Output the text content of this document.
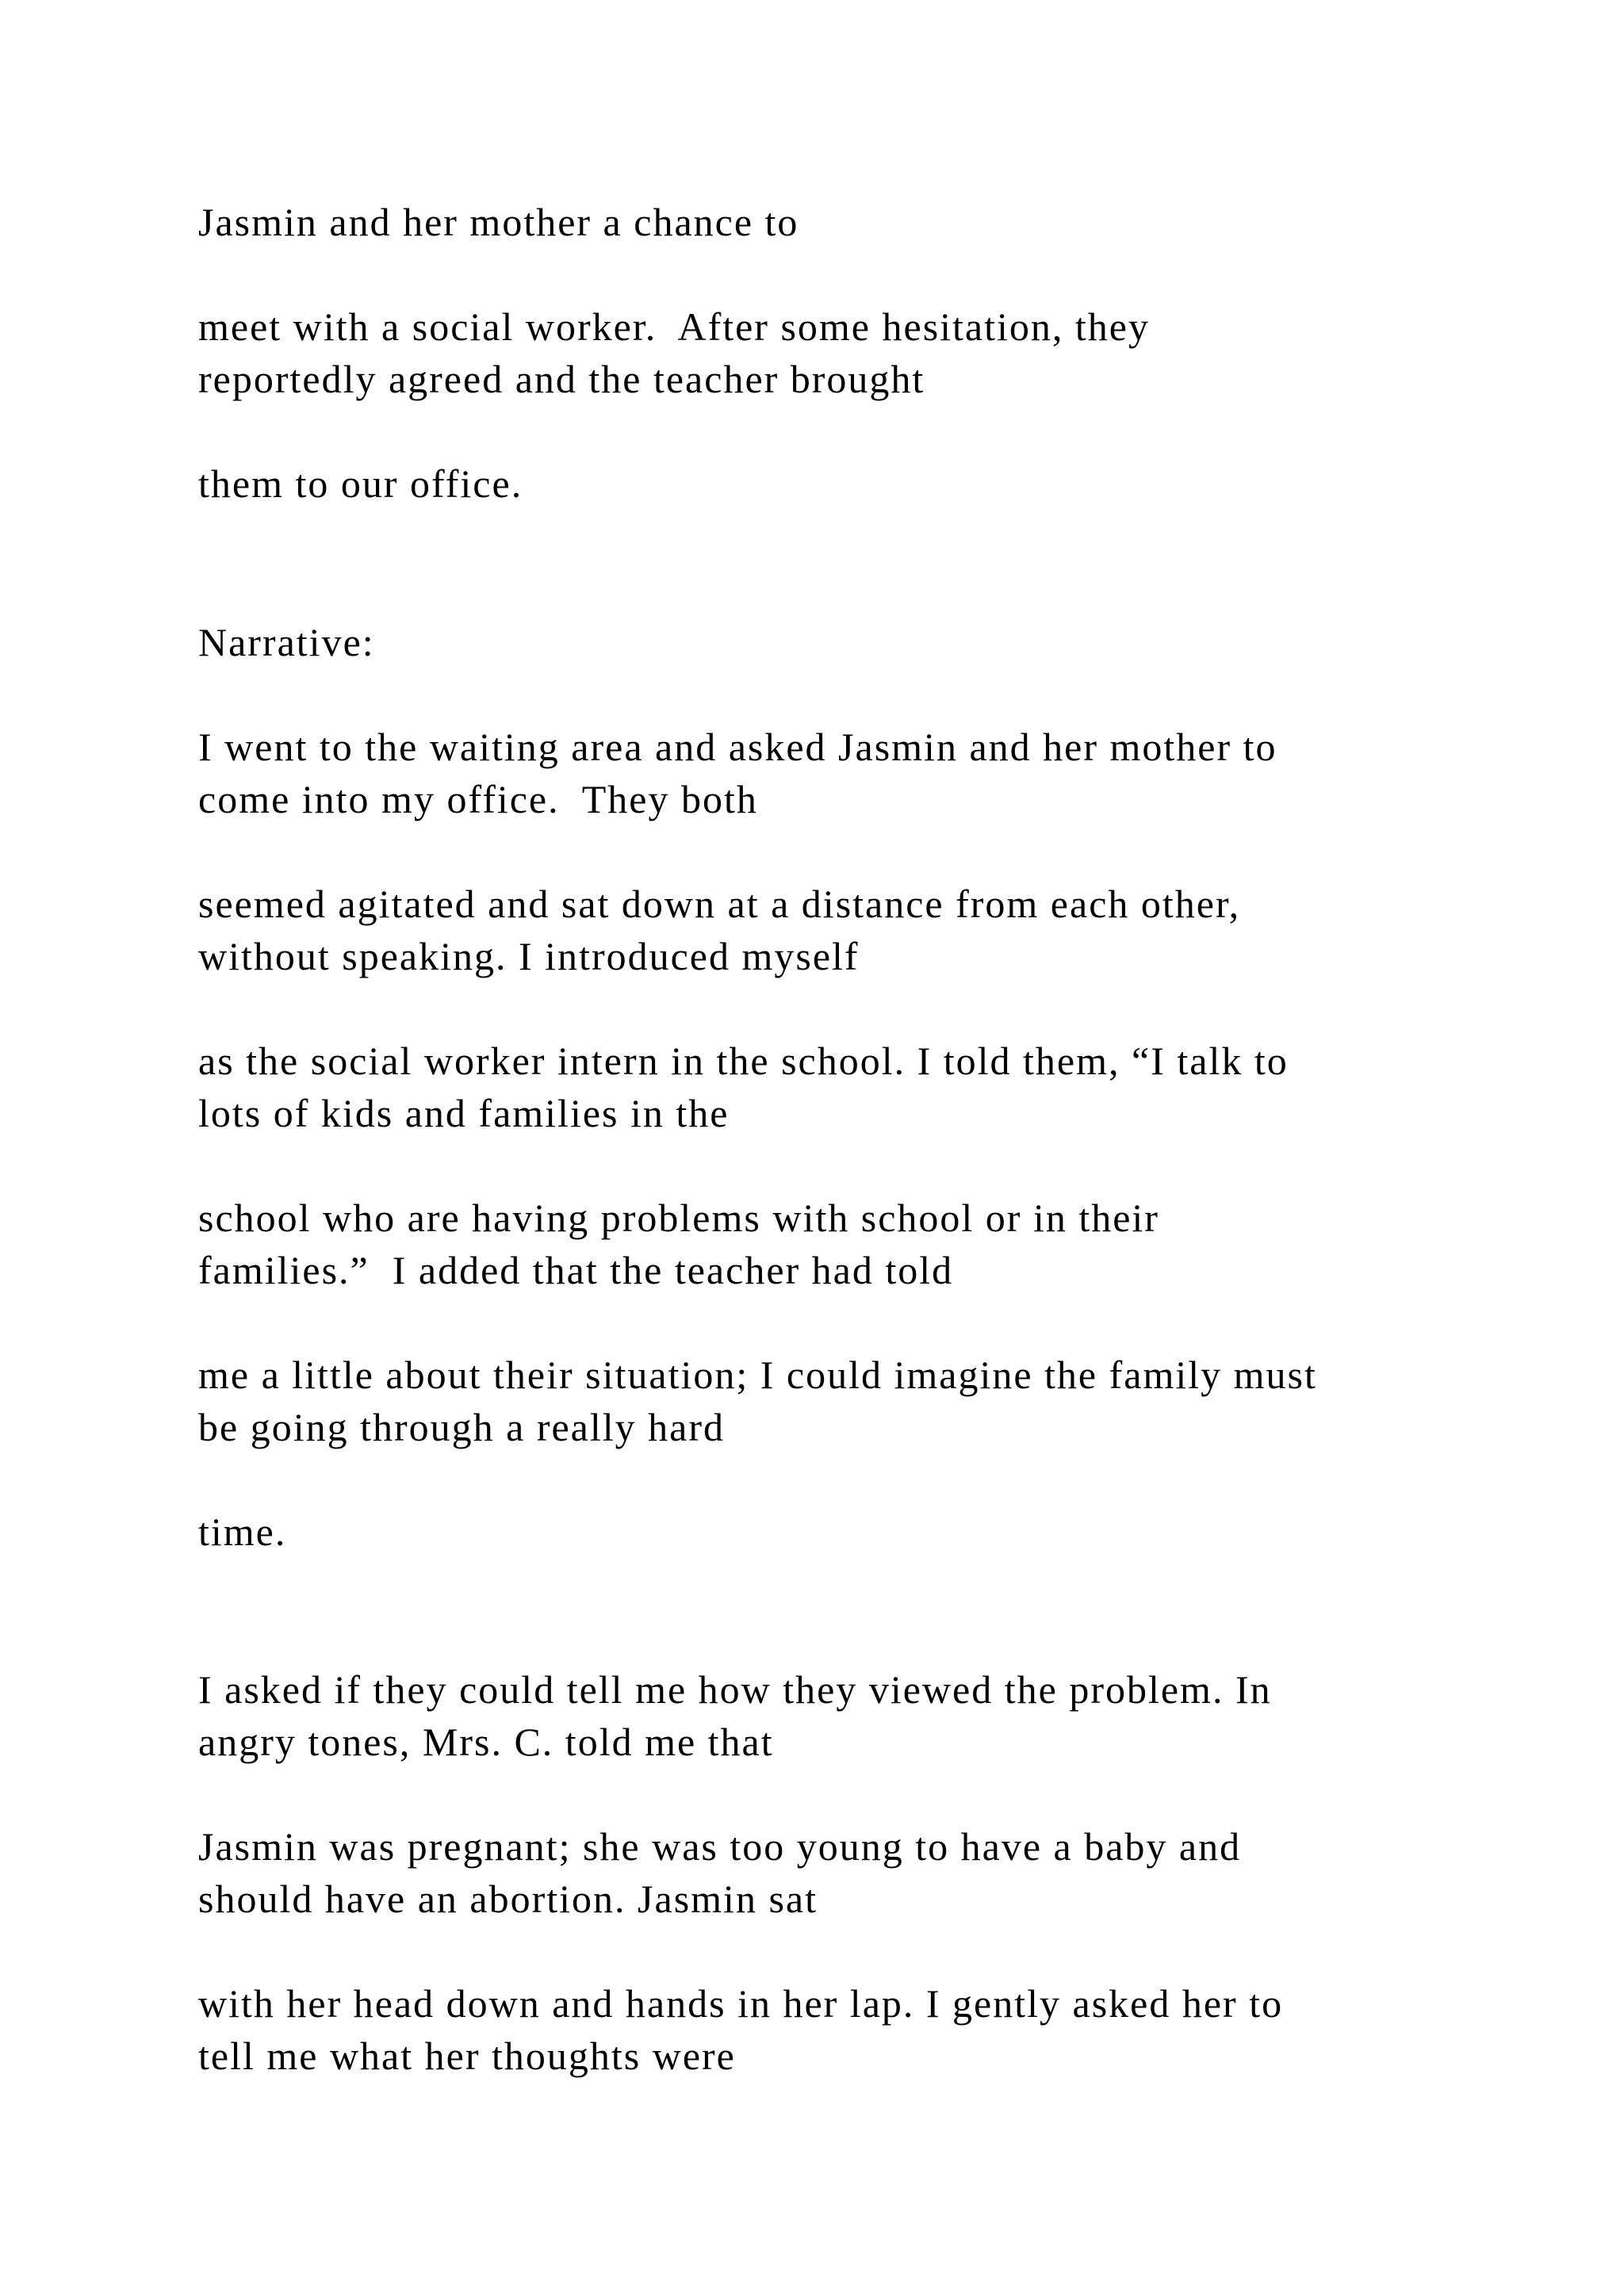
Jasmin and her mother a chance to

meet with a social worker.  After some hesitation, they

reportedly agreed and the teacher brought

them to our office.

Narrative:

I went to the waiting area and asked Jasmin and her mother to

come into my office.  They both

seemed agitated and sat down at a distance from each other,

without speaking. I introduced myself

as the social worker intern in the school. I told them, “I talk to

lots of kids and families in the

school who are having problems with school or in their

families.”  I added that the teacher had told

me a little about their situation; I could imagine the family must

be going through a really hard

time.

I asked if they could tell me how they viewed the problem. In

angry tones, Mrs. C. told me that

Jasmin was pregnant; she was too young to have a baby and

should have an abortion. Jasmin sat

with her head down and hands in her lap. I gently asked her to

tell me what her thoughts were
